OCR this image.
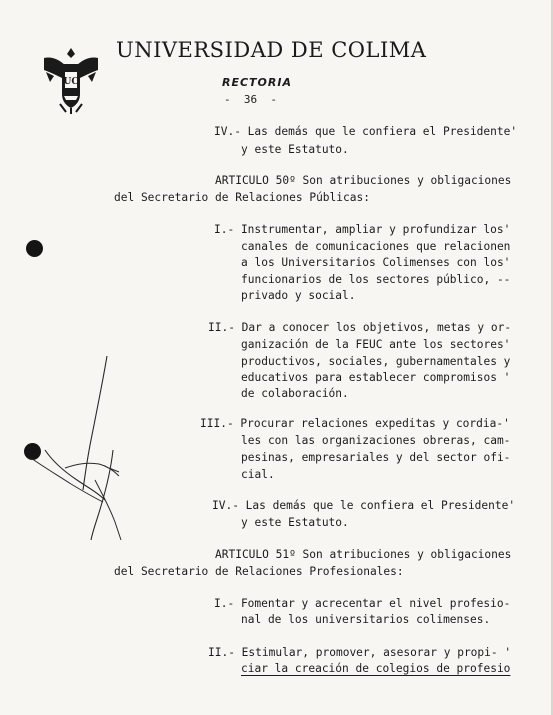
UC
UNIVERSIDAD DE COLIMA
RECTORIA
-  36  -
IV.- Las demás que le confiera el Presidente'
y este Estatuto.
ARTICULO 50º Son atribuciones y obligaciones
del Secretario de Relaciones Públicas:
I.- Instrumentar, ampliar y profundizar los'
canales de comunicaciones que relacionen
a los Universitarios Colimenses con los'
funcionarios de los sectores público, --
privado y social.
II.- Dar a conocer los objetivos, metas y or-
ganización de la FEUC ante los sectores'
productivos, sociales, gubernamentales y
educativos para establecer compromisos '
de colaboración.
III.- Procurar relaciones expeditas y cordia-'
les con las organizaciones obreras, cam-
pesinas, empresariales y del sector ofi-
cial.
IV.- Las demás que le confiera el Presidente'
y este Estatuto.
ARTICULO 51º Son atribuciones y obligaciones
del Secretario de Relaciones Profesionales:
I.- Fomentar y acrecentar el nivel profesio-
nal de los universitarios colimenses.
II.- Estimular, promover, asesorar y propi- '
ciar la creación de colegios de profesio
